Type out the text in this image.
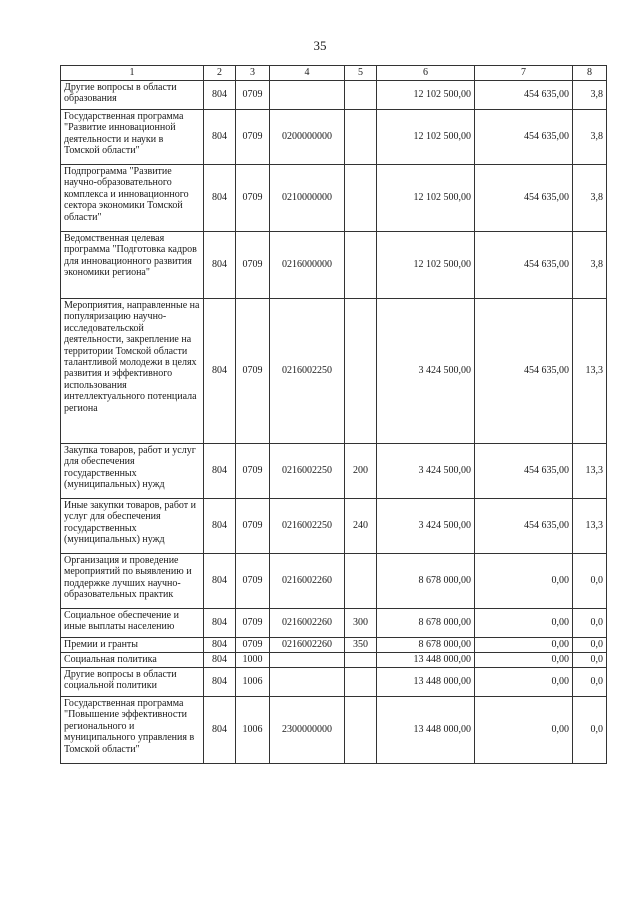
35
1	2	3	4	5	6	7	8
Другие вопросы в области образования	804	0709			12 102 500,00	454 635,00	3,8
Государственная программа "Развитие инновационной деятельности и науки в Томской области"	804	0709	0200000000		12 102 500,00	454 635,00	3,8
Подпрограмма "Развитие научно-образовательного комплекса и инновационного сектора экономики Томской области"	804	0709	0210000000		12 102 500,00	454 635,00	3,8
Ведомственная целевая программа "Подготовка кадров для инновационного развития экономики региона"	804	0709	0216000000		12 102 500,00	454 635,00	3,8
Мероприятия, направленные на популяризацию научно-исследовательской деятельности, закрепление на территории Томской области талантливой молодежи в целях развития и эффективного использования интеллектуального потенциала региона	804	0709	0216002250		3 424 500,00	454 635,00	13,3
Закупка товаров, работ и услуг для обеспечения государственных (муниципальных) нужд	804	0709	0216002250	200	3 424 500,00	454 635,00	13,3
Иные закупки товаров, работ и услуг для обеспечения государственных (муниципальных) нужд	804	0709	0216002250	240	3 424 500,00	454 635,00	13,3
Организация и проведение мероприятий по выявлению и поддержке лучших научно-образовательных практик	804	0709	0216002260		8 678 000,00	0,00	0,0
Социальное обеспечение и иные выплаты населению	804	0709	0216002260	300	8 678 000,00	0,00	0,0
Премии и гранты	804	0709	0216002260	350	8 678 000,00	0,00	0,0
Социальная политика	804	1000			13 448 000,00	0,00	0,0
Другие вопросы в области социальной политики	804	1006			13 448 000,00	0,00	0,0
Государственная программа "Повышение эффективности регионального и муниципального управления в Томской области"	804	1006	2300000000		13 448 000,00	0,00	0,0
